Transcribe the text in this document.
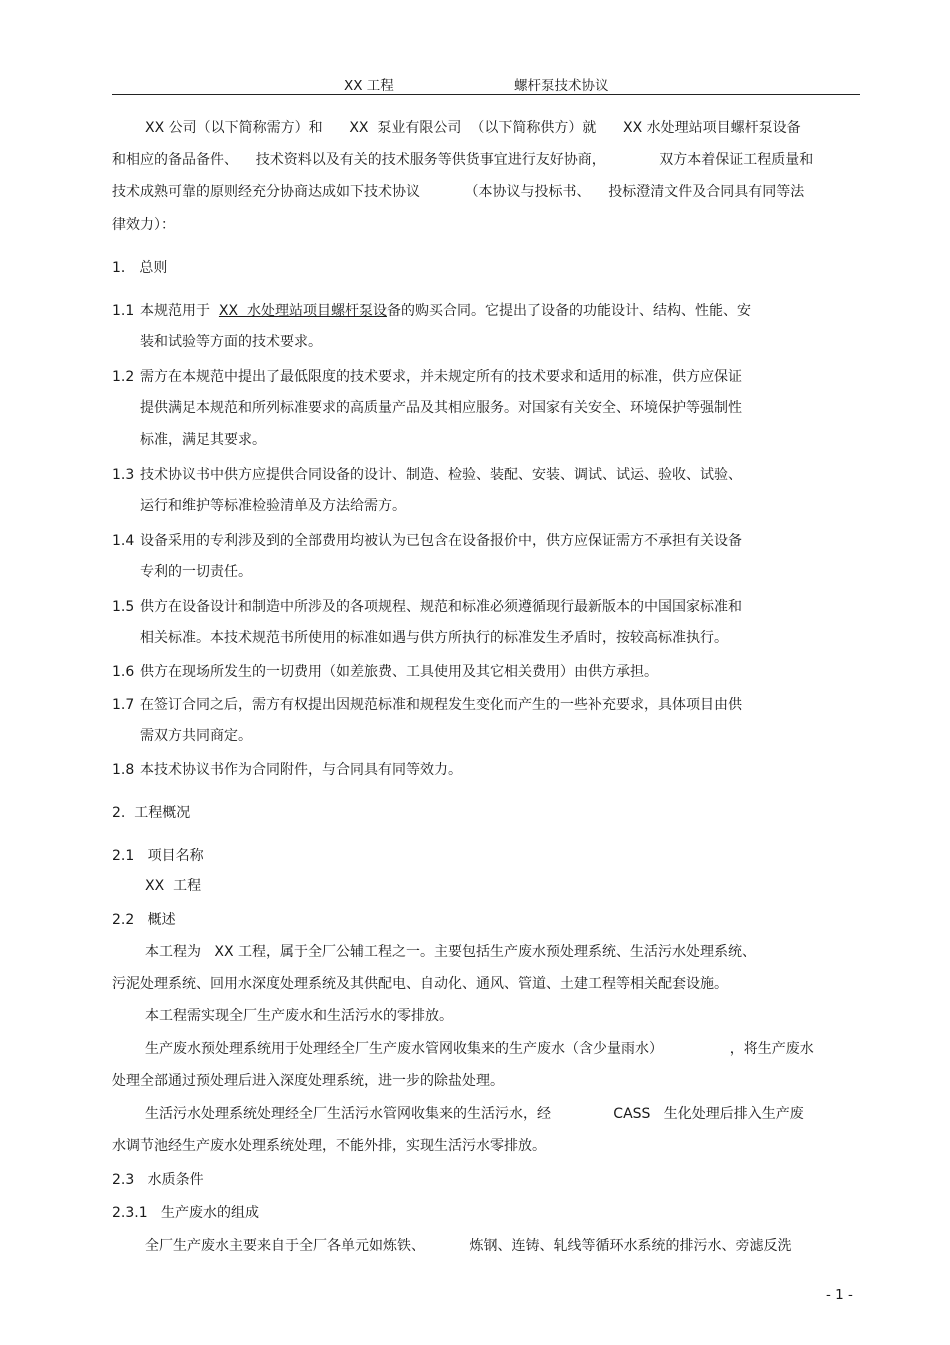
XX 工程	螺杆泵技术协议
XX 公司（以下简称需方）和      XX  泵业有限公司  （以下简称供方）就      XX 水处理站项目螺杆泵设备
和相应的备品备件、    技术资料以及有关的技术服务等供货事宜进行友好协商，            双方本着保证工程质量和
技术成熟可靠的原则经充分协商达成如下技术协议          （本协议与投标书、    投标澄清文件及合同具有同等法
律效力）：
1． 总则
1.1 本规范用于  XX  水处理站项目螺杆泵设备的购买合同。它提出了设备的功能设计、结构、性能、安
装和试验等方面的技术要求。
1.2 需方在本规范中提出了最低限度的技术要求，并未规定所有的技术要求和适用的标准，供方应保证
提供满足本规范和所列标准要求的高质量产品及其相应服务。对国家有关安全、环境保护等强制性
标准，满足其要求。
1.3 技术协议书中供方应提供合同设备的设计、制造、检验、装配、安装、调试、试运、验收、试验、
运行和维护等标准检验清单及方法给需方。
1.4 设备采用的专利涉及到的全部费用均被认为已包含在设备报价中，供方应保证需方不承担有关设备
专利的一切责任。
1.5 供方在设备设计和制造中所涉及的各项规程、规范和标准必须遵循现行最新版本的中国国家标准和
相关标准。本技术规范书所使用的标准如遇与供方所执行的标准发生矛盾时，按较高标准执行。
1.6 供方在现场所发生的一切费用（如差旅费、工具使用及其它相关费用）由供方承担。
1.7 在签订合同之后，需方有权提出因规范标准和规程发生变化而产生的一些补充要求，具体项目由供
需双方共同商定。
1.8 本技术协议书作为合同附件，与合同具有同等效力。
2.  工程概况
2.1   项目名称
XX  工程
2.2   概述
本工程为   XX 工程，属于全厂公辅工程之一。主要包括生产废水预处理系统、生活污水处理系统、
污泥处理系统、回用水深度处理系统及其供配电、自动化、通风、管道、土建工程等相关配套设施。
本工程需实现全厂生产废水和生活污水的零排放。
生产废水预处理系统用于处理经全厂生产废水管网收集来的生产废水（含少量雨水）               ，将生产废水
处理全部通过预处理后进入深度处理系统，进一步的除盐处理。
生活污水处理系统处理经全厂生活污水管网收集来的生活污水，经              CASS   生化处理后排入生产废
水调节池经生产废水处理系统处理，不能外排，实现生活污水零排放。
2.3   水质条件
2.3.1   生产废水的组成
全厂生产废水主要来自于全厂各单元如炼铁、          炼钢、连铸、轧线等循环水系统的排污水、旁滤反洗
- 1 -
